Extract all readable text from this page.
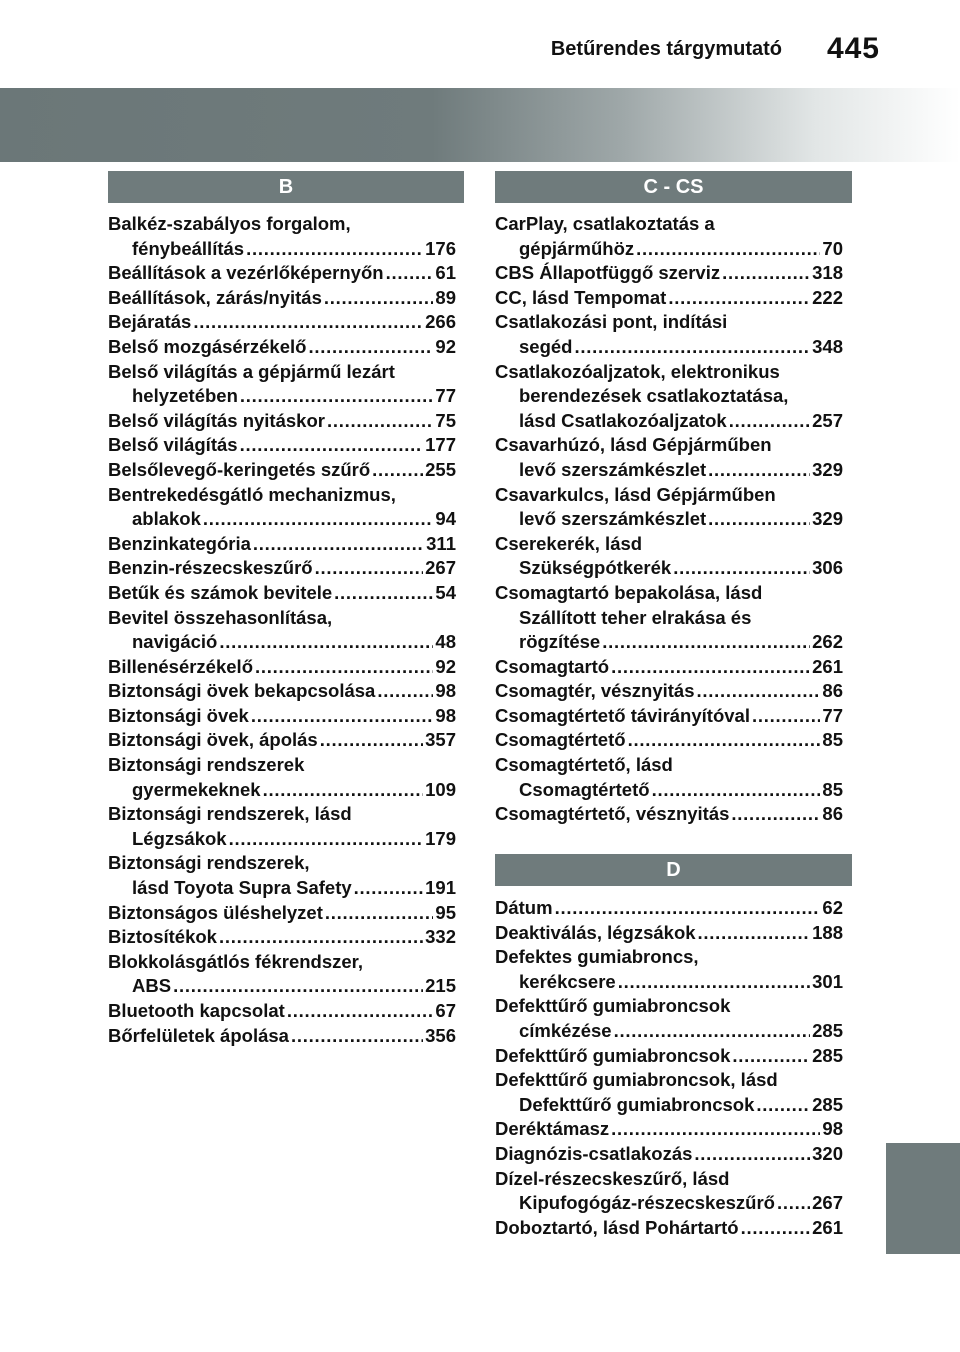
Betűrendes tárgymutató 445
B
Balkéz-szabályos forgalom,
fénybeállítás . . .	176
Beállítások a vezérlőképernyőn . . .	61
Beállítások, zárás/nyitás . . .	89
Bejáratás . . .	266
Belső mozgásérzékelő . . .	92
Belső világítás a gépjármű lezárt
helyzetében . . .	77
Belső világítás nyitáskor . . .	75
Belső világítás . . .	177
Belsőlevegő-keringetés szűrő . . .	255
Bentrekedésgátló mechanizmus,
ablakok . . .	94
Benzinkategória . . .	311
Benzin-részecskeszűrő . . .	267
Betűk és számok bevitele . . .	54
Bevitel összehasonlítása,
navigáció . . .	48
Billenésérzékelő . . .	92
Biztonsági övek bekapcsolása . . .	98
Biztonsági övek . . .	98
Biztonsági övek, ápolás . . .	357
Biztonsági rendszerek
gyermekeknek . . .	109
Biztonsági rendszerek, lásd
Légzsákok . . .	179
Biztonsági rendszerek,
lásd Toyota Supra Safety . . .	191
Biztonságos üléshelyzet . . .	95
Biztosítékok . . .	332
Blokkolásgátlós fékrendszer,
ABS . . .	215
Bluetooth kapcsolat . . .	67
Bőrfelületek ápolása . . .	356
C - CS
CarPlay, csatlakoztatás a
gépjárműhöz . . .	70
CBS Állapotfüggő szerviz . . .	318
CC, lásd Tempomat . . .	222
Csatlakozási pont, indítási
segéd . . .	348
Csatlakozóaljzatok, elektronikus
berendezések csatlakoztatása,
lásd Csatlakozóaljzatok . . .	257
Csavarhúzó, lásd Gépjárműben
levő szerszámkészlet . . .	329
Csavarkulcs, lásd Gépjárműben
levő szerszámkészlet . . .	329
Cserekerék, lásd
Szükségpótkerék . . .	306
Csomagtartó bepakolása, lásd
Szállított teher elrakása és
rögzítése . . .	262
Csomagtartó . . .	261
Csomagtér, vésznyitás . . .	86
Csomagtértető távirányítóval . . .	77
Csomagtértető . . .	85
Csomagtértető, lásd
Csomagtértető . . .	85
Csomagtértető, vésznyitás . . .	86
D
Dátum . . .	62
Deaktiválás, légzsákok . . .	188
Defektes gumiabroncs,
kerékcsere . . .	301
Defekttűrő gumiabroncsok
címkézése . . .	285
Defekttűrő gumiabroncsok . . .	285
Defekttűrő gumiabroncsok, lásd
Defekttűrő gumiabroncsok . . .	285
Deréktámasz . . .	98
Diagnózis-csatlakozás . . .	320
Dízel-részecskeszűrő, lásd
Kipufogógáz-részecskeszűrő . . . 267
Doboztartó, lásd Pohártartó . . .	261
